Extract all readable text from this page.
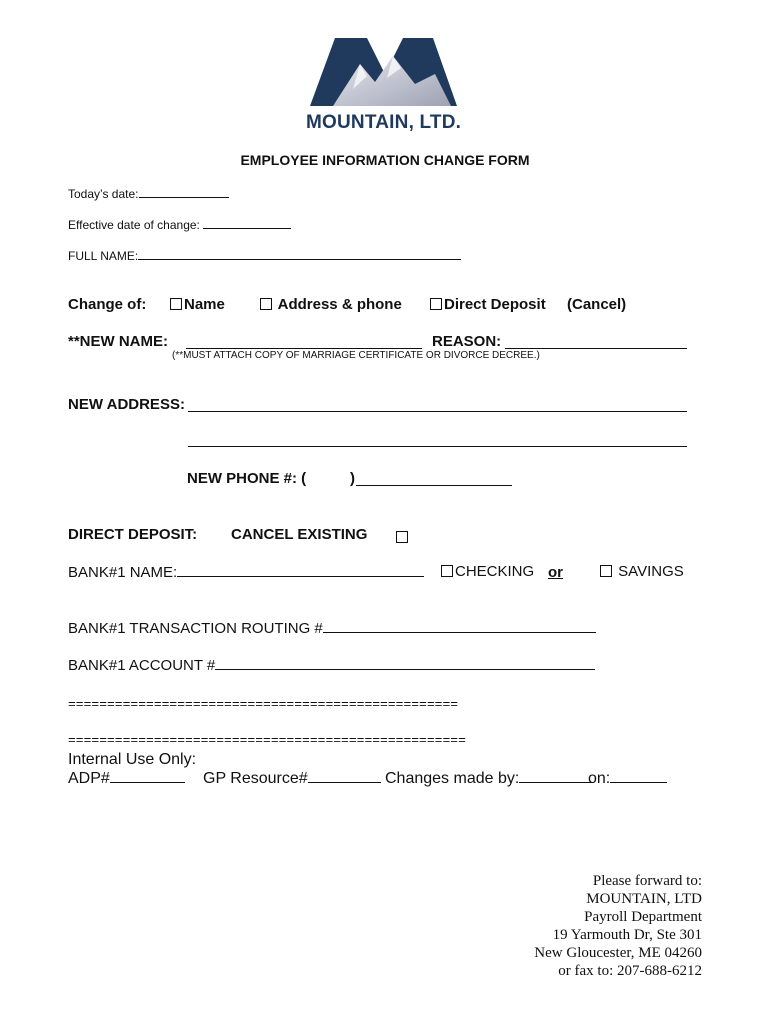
MOUNTAIN, LTD.
EMPLOYEE INFORMATION CHANGE FORM
Today’s date:
Effective date of change:
FULL NAME:
Change of:	Name	Address & phone	Direct Deposit (Cancel)
**NEW NAME:	REASON:
(**MUST ATTACH COPY OF MARRIAGE CERTIFICATE OR DIVORCE DECREE.)
NEW ADDRESS:
NEW PHONE #: (	)
DIRECT DEPOSIT: CANCEL EXISTING
BANK#1 NAME:	CHECKING or	SAVINGS
BANK#1 TRANSACTION ROUTING #
BANK#1 ACCOUNT #
==================================================
===================================================
Internal Use Only:
ADP#	GP Resource#	Changes made by:	on:
Please forward to:
MOUNTAIN, LTD
Payroll Department
19 Yarmouth Dr, Ste 301
New Gloucester, ME 04260
or fax to: 207-688-6212
